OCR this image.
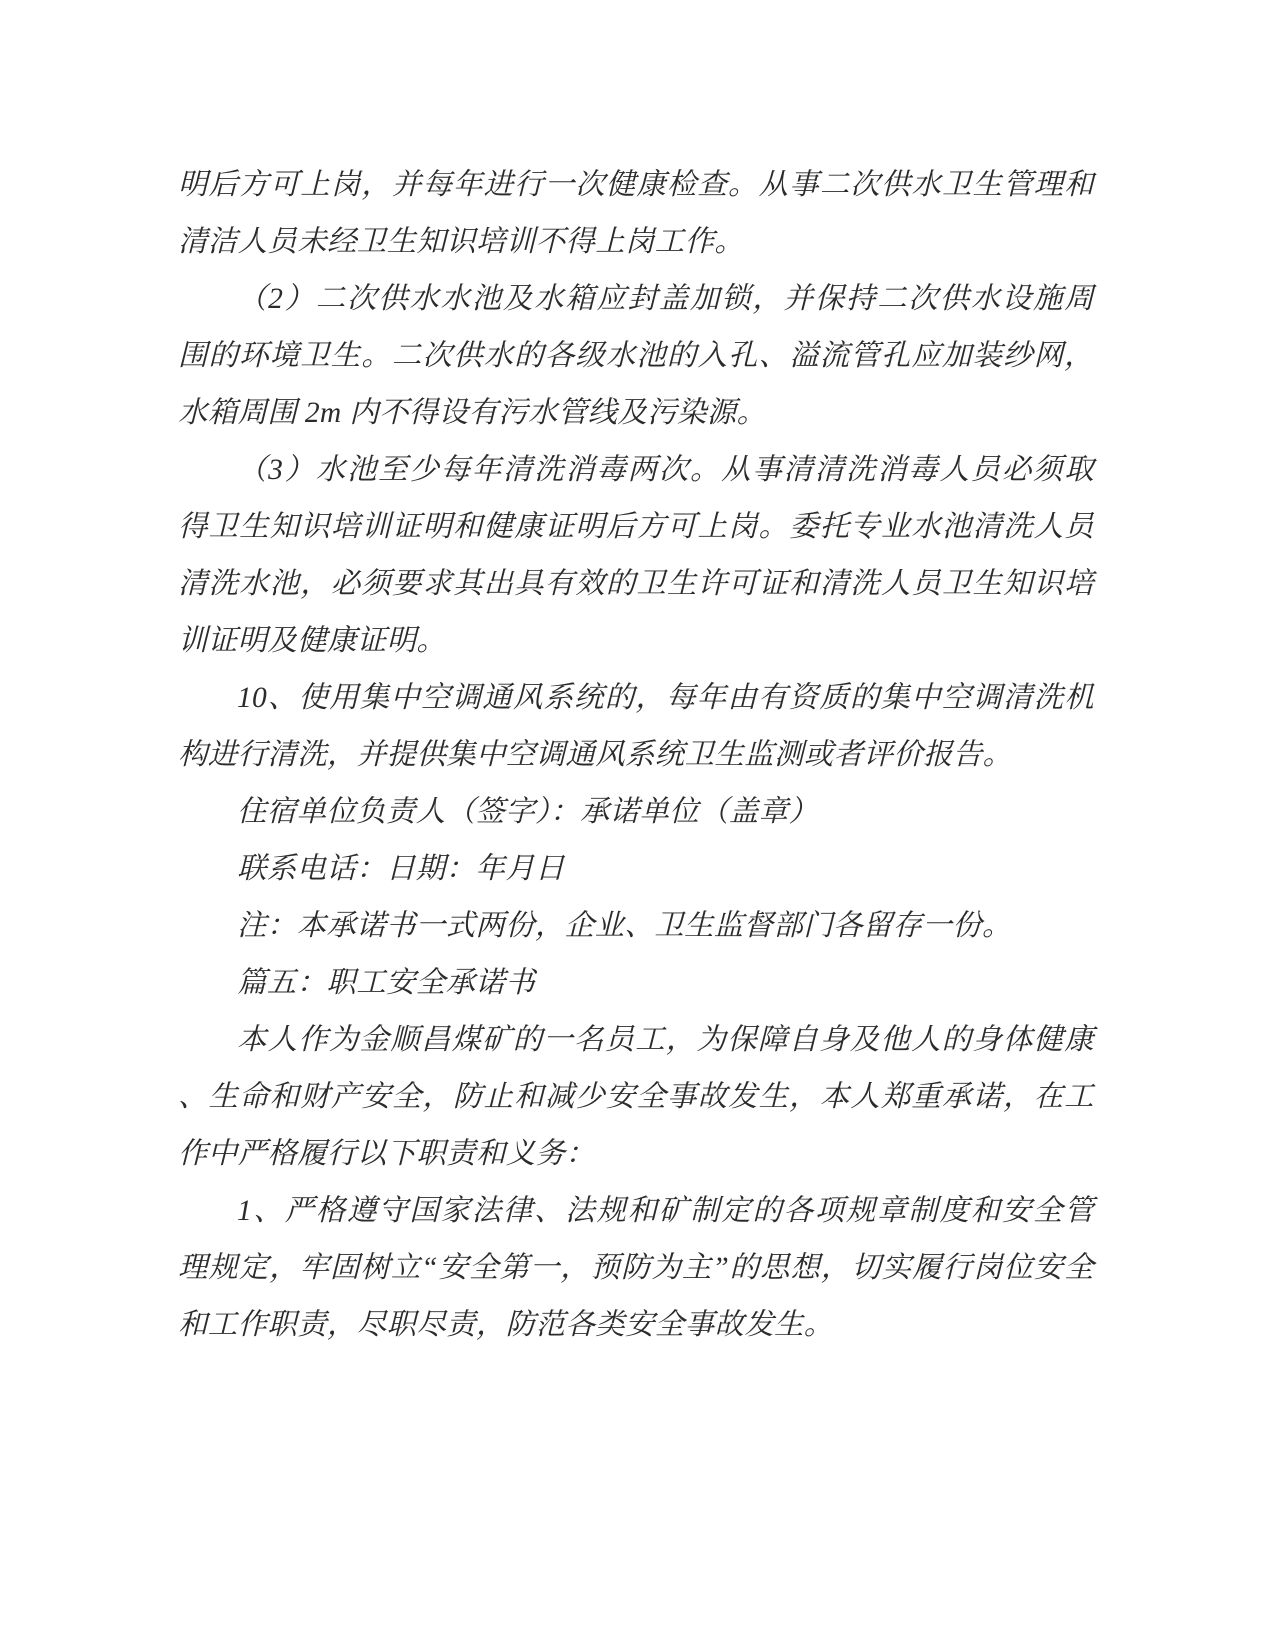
明后方可上岗，并每年进行一次健康检查。从事二次供水卫生管理和
清洁人员未经卫生知识培训不得上岗工作。
（2）二次供水水池及水箱应封盖加锁，并保持二次供水设施周
围的环境卫生。二次供水的各级水池的入孔、溢流管孔应加装纱网，
水箱周围 2m 内不得设有污水管线及污染源。
（3）水池至少每年清洗消毒两次。从事清清洗消毒人员必须取
得卫生知识培训证明和健康证明后方可上岗。委托专业水池清洗人员
清洗水池，必须要求其出具有效的卫生许可证和清洗人员卫生知识培
训证明及健康证明。
10、使用集中空调通风系统的，每年由有资质的集中空调清洗机
构进行清洗，并提供集中空调通风系统卫生监测或者评价报告。
住宿单位负责人（签字）：承诺单位（盖章）
联系电话：日期：年月日
注：本承诺书一式两份，企业、卫生监督部门各留存一份。
篇五：职工安全承诺书
本人作为金顺昌煤矿的一名员工，为保障自身及他人的身体健康
、生命和财产安全，防止和减少安全事故发生，本人郑重承诺，在工
作中严格履行以下职责和义务：
1、严格遵守国家法律、法规和矿制定的各项规章制度和安全管
理规定，牢固树立“安全第一，预防为主”的思想，切实履行岗位安全
和工作职责，尽职尽责，防范各类安全事故发生。
